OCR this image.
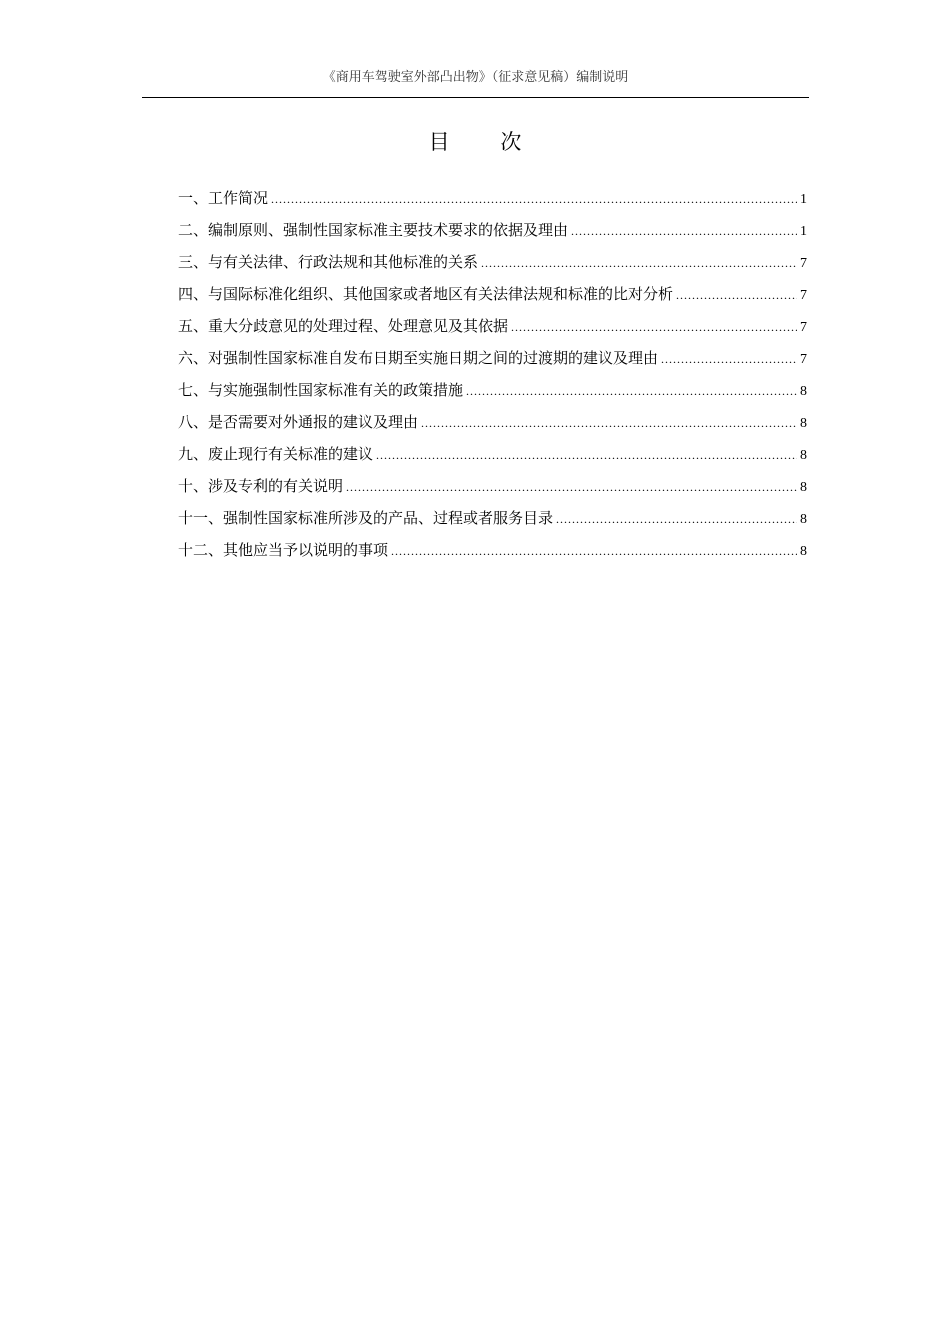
《商用车驾驶室外部凸出物》（征求意见稿）编制说明
目 次
一、工作简况 .....	1
二、编制原则、强制性国家标准主要技术要求的依据及理由 .....	1
三、与有关法律、行政法规和其他标准的关系 .....	7
四、与国际标准化组织、其他国家或者地区有关法律法规和标准的比对分析 .....	7
五、重大分歧意见的处理过程、处理意见及其依据 .....	7
六、对强制性国家标准自发布日期至实施日期之间的过渡期的建议及理由 .....	7
七、与实施强制性国家标准有关的政策措施 .....	8
八、是否需要对外通报的建议及理由 .....	8
九、废止现行有关标准的建议 .....	8
十、涉及专利的有关说明 .....	8
十一、强制性国家标准所涉及的产品、过程或者服务目录 .....	8
十二、其他应当予以说明的事项 .....	8
